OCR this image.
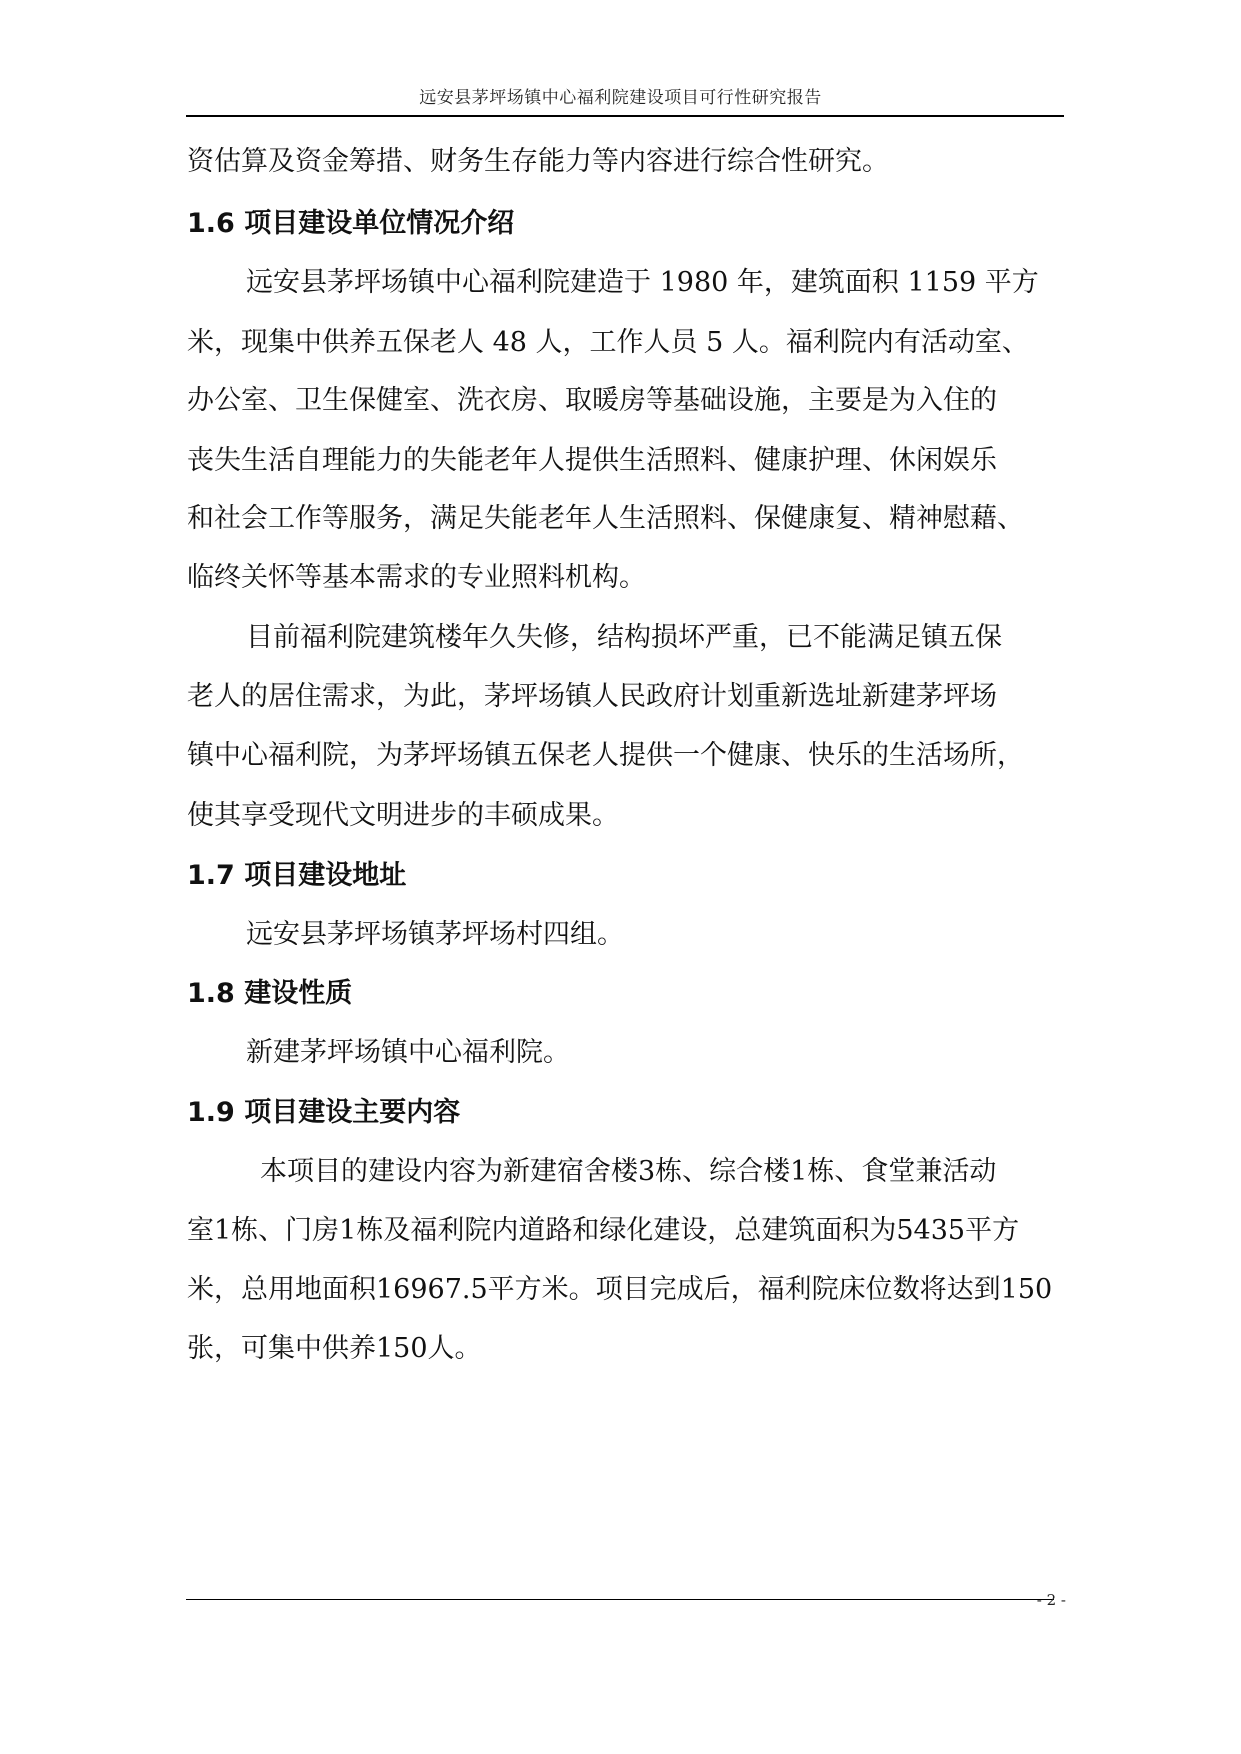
远安县茅坪场镇中心福利院建设项目可行性研究报告
资估算及资金筹措、财务生存能力等内容进行综合性研究。
1.6 项目建设单位情况介绍
远安县茅坪场镇中心福利院建造于 1980 年，建筑面积 1159 平方
米，现集中供养五保老人 48 人，工作人员 5 人。福利院内有活动室、
办公室、卫生保健室、洗衣房、取暖房等基础设施，主要是为入住的
丧失生活自理能力的失能老年人提供生活照料、健康护理、休闲娱乐
和社会工作等服务，满足失能老年人生活照料、保健康复、精神慰藉、
临终关怀等基本需求的专业照料机构。
目前福利院建筑楼年久失修，结构损坏严重，已不能满足镇五保
老人的居住需求，为此，茅坪场镇人民政府计划重新选址新建茅坪场
镇中心福利院，为茅坪场镇五保老人提供一个健康、快乐的生活场所，
使其享受现代文明进步的丰硕成果。
1.7 项目建设地址
远安县茅坪场镇茅坪场村四组。
1.8 建设性质
新建茅坪场镇中心福利院。
1.9 项目建设主要内容
本项目的建设内容为新建宿舍楼3栋、综合楼1栋、食堂兼活动
室1栋、门房1栋及福利院内道路和绿化建设，总建筑面积为5435平方
米，总用地面积16967.5平方米。项目完成后，福利院床位数将达到150
张，可集中供养150人。
- 2 -
